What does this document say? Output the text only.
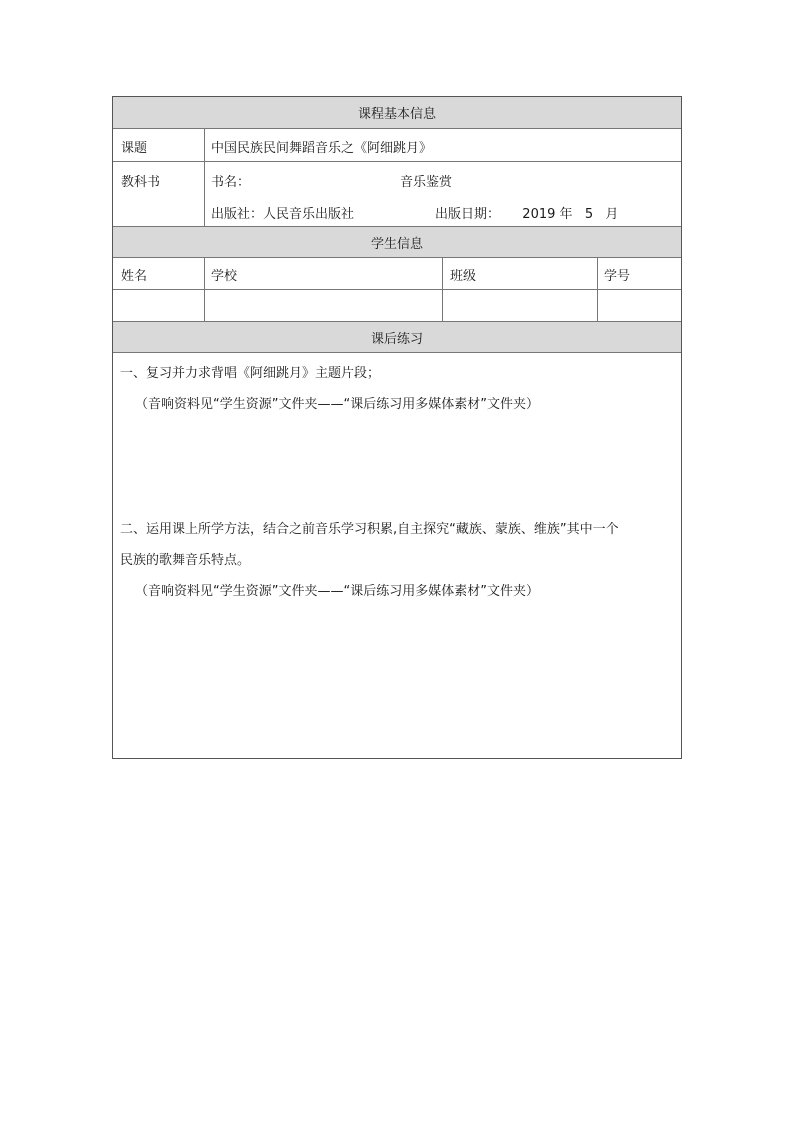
课程基本信息
课题	中国民族民间舞蹈音乐之《阿细跳月》
教科书	书名：	音乐鉴赏
出版社：人民音乐出版社	出版日期： 2019 年 5 月
学生信息
姓名	学校	班级	学号
课后练习
一、复习并力求背唱《阿细跳月》主题片段；
（音响资料见“学生资源”文件夹——“课后练习用多媒体素材”文件夹）
二、运用课上所学方法，结合之前音乐学习积累,自主探究“藏族、蒙族、维族”其中一个
民族的歌舞音乐特点。
（音响资料见“学生资源”文件夹——“课后练习用多媒体素材”文件夹）
